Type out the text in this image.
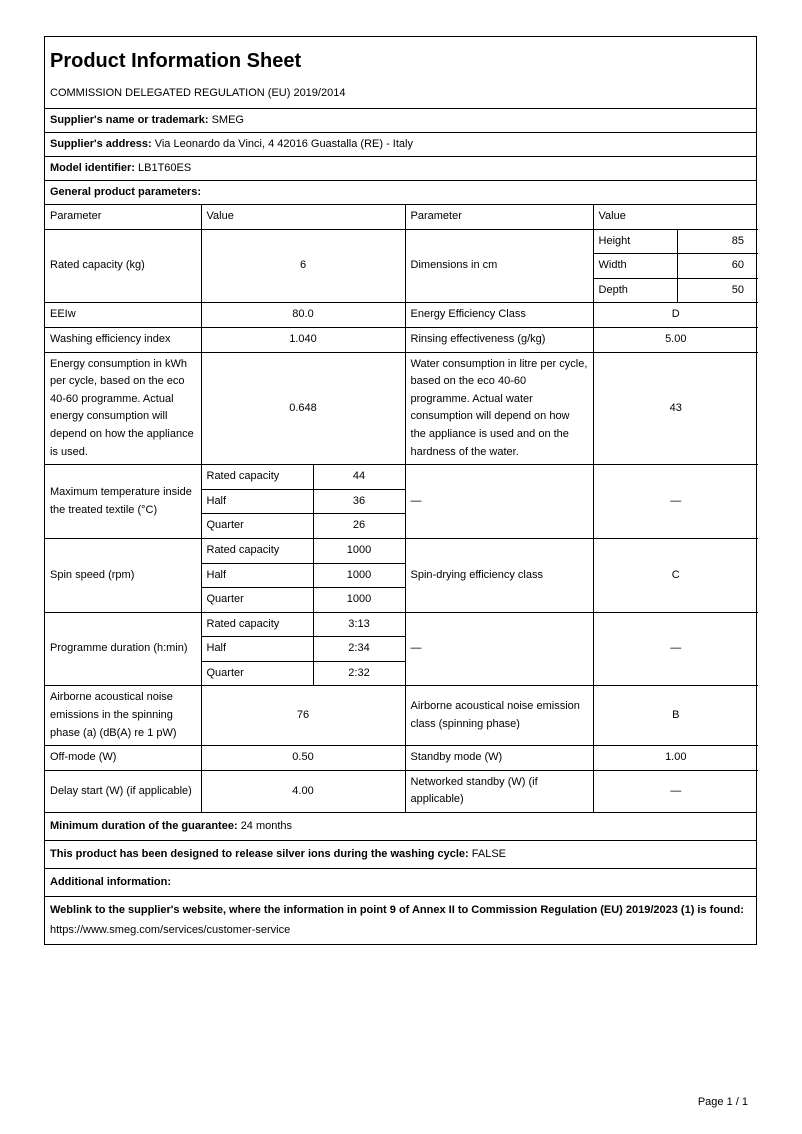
Product Information Sheet
COMMISSION DELEGATED REGULATION (EU) 2019/2014
Supplier's name or trademark: SMEG
Supplier's address: Via Leonardo da Vinci, 4 42016 Guastalla (RE) - Italy
Model identifier: LB1T60ES
General product parameters:
Parameter	Value		Parameter	Value	
Rated capacity (kg)	6		Dimensions in cm	Height	85
				Width	60
				Depth	50
EEIw	80.0		Energy Efficiency Class	D	
Washing efficiency index	1.040		Rinsing effectiveness (g/kg)	5.00	
Energy consumption in kWh per cycle, based on the eco 40-60 programme. Actual energy consumption will depend on how the appliance is used.	0.648		Water consumption in litre per cycle, based on the eco 40-60 programme. Actual water consumption will depend on how the appliance is used and on the hardness of the water.	43	
Maximum temperature inside the treated textile (°C)	Rated capacity	44	—	—	
	Half	36			
	Quarter	26			
Spin speed (rpm)	Rated capacity	1000	Spin-drying efficiency class	C	
	Half	1000			
	Quarter	1000			
Programme duration (h:min)	Rated capacity	3:13	—	—	
	Half	2:34			
	Quarter	2:32			
Airborne acoustical noise emissions in the spinning phase (a) (dB(A) re 1 pW)	76		Airborne acoustical noise emission class (spinning phase)	B	
Off-mode (W)	0.50		Standby mode (W)	1.00	
Delay start (W) (if applicable)	4.00		Networked standby (W) (if applicable)	—	
Minimum duration of the guarantee: 24 months
This product has been designed to release silver ions during the washing cycle: FALSE
Additional information:
Weblink to the supplier's website, where the information in point 9 of Annex II to Commission Regulation (EU) 2019/2023 (1) is found:
https://www.smeg.com/services/customer-service
Page 1 / 1
